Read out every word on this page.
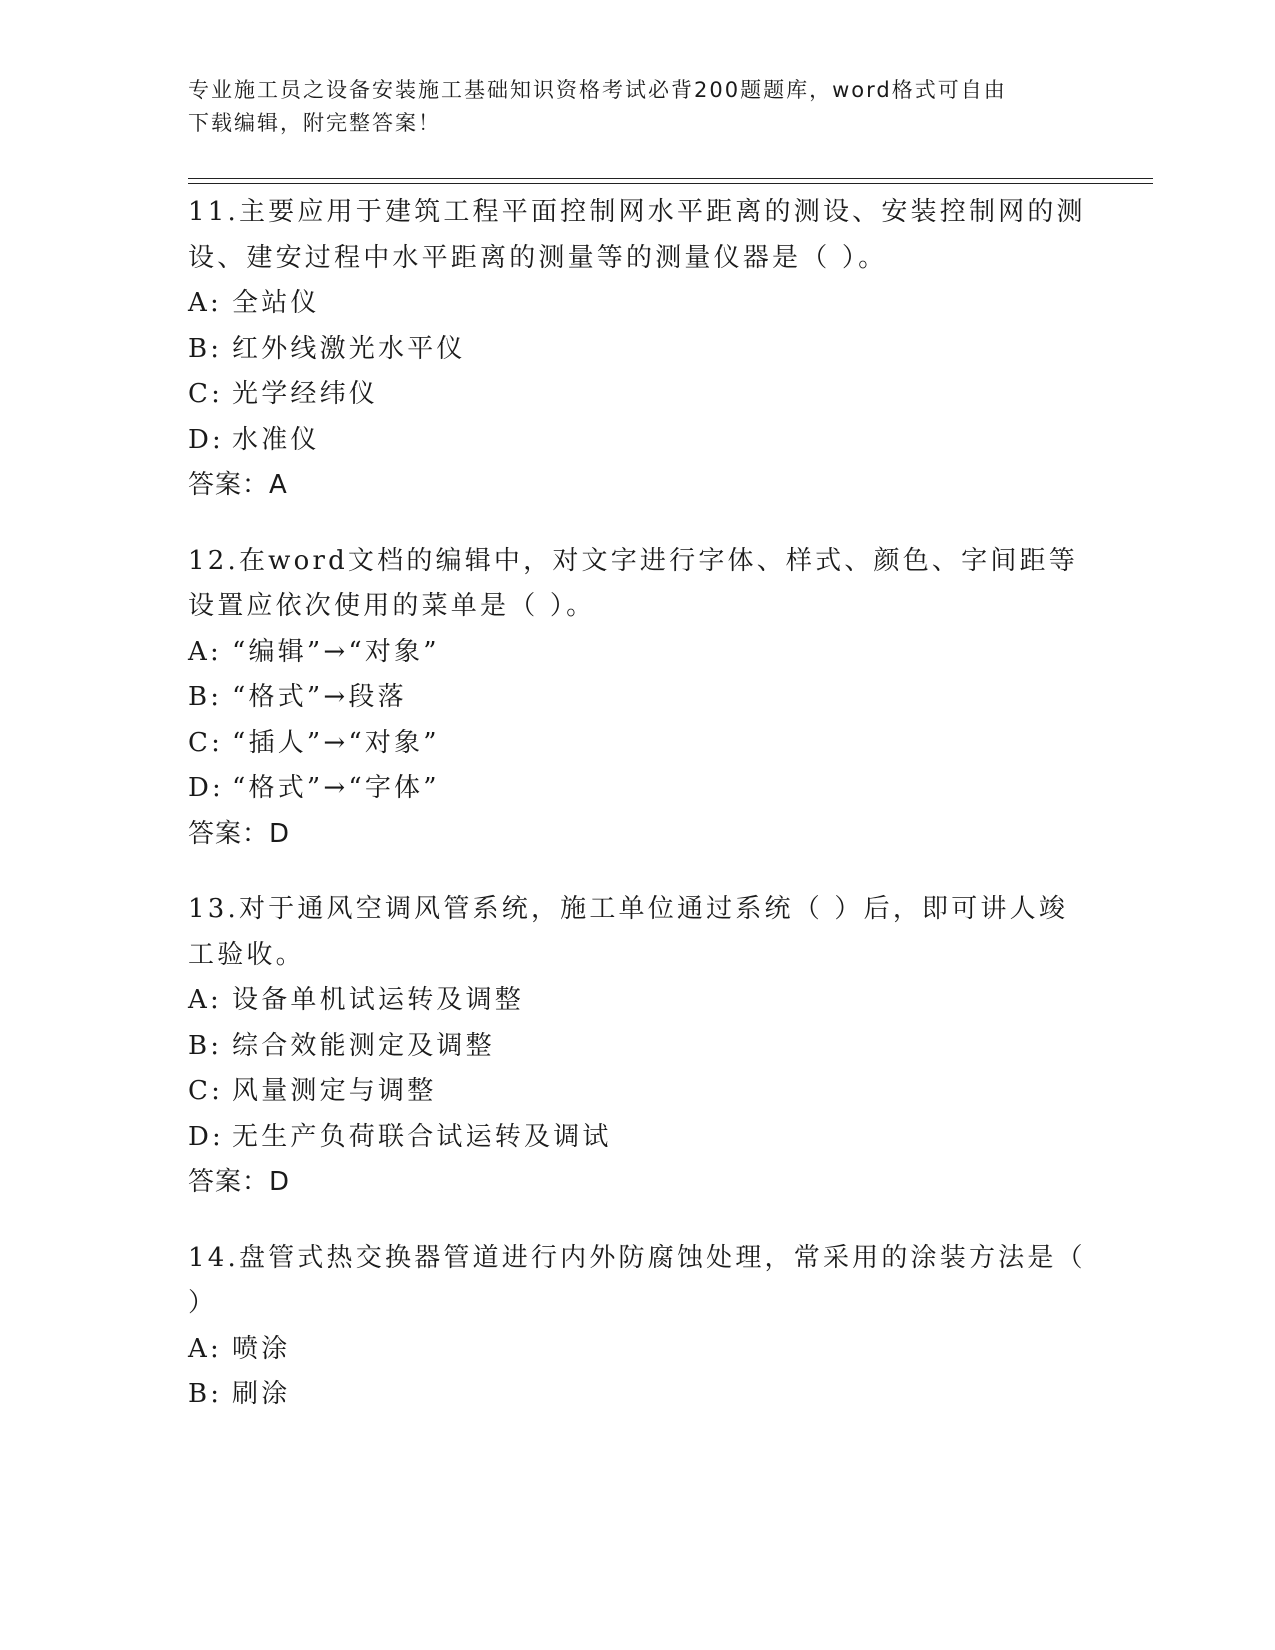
专业施工员之设备安装施工基础知识资格考试必背200题题库，word格式可自由
下载编辑，附完整答案！

11.主要应用于建筑工程平面控制网水平距离的测设、安装控制网的测设、建安过程中水平距离的测量等的测量仪器是（ ）。

A: 全站仪

B: 红外线激光水平仪

C: 光学经纬仪

D: 水准仪

答案：A

12.在word文档的编辑中，对文字进行字体、样式、颜色、字间距等设置应依次使用的菜单是（ ）。

A: “编辑”→“对象”

B: “格式”→段落

C: “插人”→“对象”

D: “格式”→“字体”

答案：D

13.对于通风空调风管系统，施工单位通过系统（ ）后，即可讲人竣工验收。

A: 设备单机试运转及调整

B: 综合效能测定及调整

C: 风量测定与调整

D: 无生产负荷联合试运转及调试

答案：D

14.盘管式热交换器管道进行内外防腐蚀处理，常采用的涂装方法是（ ）

A: 喷涂

B: 刷涂
